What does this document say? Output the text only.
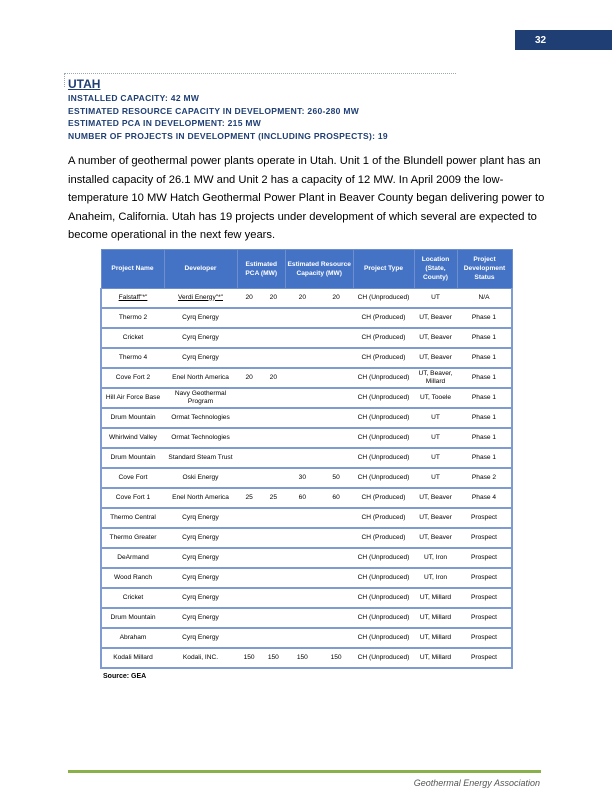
32
UTAH
INSTALLED CAPACITY: 42 MW
ESTIMATED RESOURCE CAPACITY IN DEVELOPMENT: 260-280 MW
ESTIMATED PCA IN DEVELOPMENT: 215 MW
NUMBER OF PROJECTS IN DEVELOPMENT (INCLUDING PROSPECTS): 19
A number of geothermal power plants operate in Utah. Unit 1 of the Blundell power plant has an installed capacity of 26.1 MW and Unit 2 has a capacity of 12 MW. In April 2009 the low-temperature 10 MW Hatch Geothermal Power Plant in Beaver County began delivering power to Anaheim, California. Utah has 19 projects under development of which several are expected to become operational in the next few years.
Project Name	Developer	Estimated PCA (MW)		Estimated Resource Capacity (MW)		Project Type	Location (State, County)	Project Development Status
Falstaff"*"	Verdi Energy"*"	20	20	20	20	CH (Unproduced)	UT	N/A
Thermo 2	Cyrq Energy					CH (Produced)	UT, Beaver	Phase 1
Cricket	Cyrq Energy					CH (Produced)	UT, Beaver	Phase 1
Thermo 4	Cyrq Energy					CH (Produced)	UT, Beaver	Phase 1
Cove Fort 2	Enel North America	20	20			CH (Unproduced)	UT, Beaver, Millard	Phase 1
Hill Air Force Base	Navy Geothermal Program					CH (Unproduced)	UT, Tooele	Phase 1
Drum Mountain	Ormat Technologies					CH (Unproduced)	UT	Phase 1
Whirlwind Valley	Ormat Technologies					CH (Unproduced)	UT	Phase 1
Drum Mountain	Standard Steam Trust					CH (Unproduced)	UT	Phase 1
Cove Fort	Oski Energy			30	50	CH (Unproduced)	UT	Phase 2
Cove Fort 1	Enel North America	25	25	60	60	CH (Produced)	UT, Beaver	Phase 4
Thermo Central	Cyrq Energy					CH (Produced)	UT, Beaver	Prospect
Thermo Greater	Cyrq Energy					CH (Produced)	UT, Beaver	Prospect
DeArmand	Cyrq Energy					CH (Unproduced)	UT, Iron	Prospect
Wood Ranch	Cyrq Energy					CH (Unproduced)	UT, Iron	Prospect
Cricket	Cyrq Energy					CH (Unproduced)	UT, Millard	Prospect
Drum Mountain	Cyrq Energy					CH (Unproduced)	UT, Millard	Prospect
Abraham	Cyrq Energy					CH (Unproduced)	UT, Millard	Prospect
Kodali Millard	Kodali, INC.	150	150	150	150	CH (Unproduced)	UT, Millard	Prospect
Source: GEA
Geothermal Energy Association
